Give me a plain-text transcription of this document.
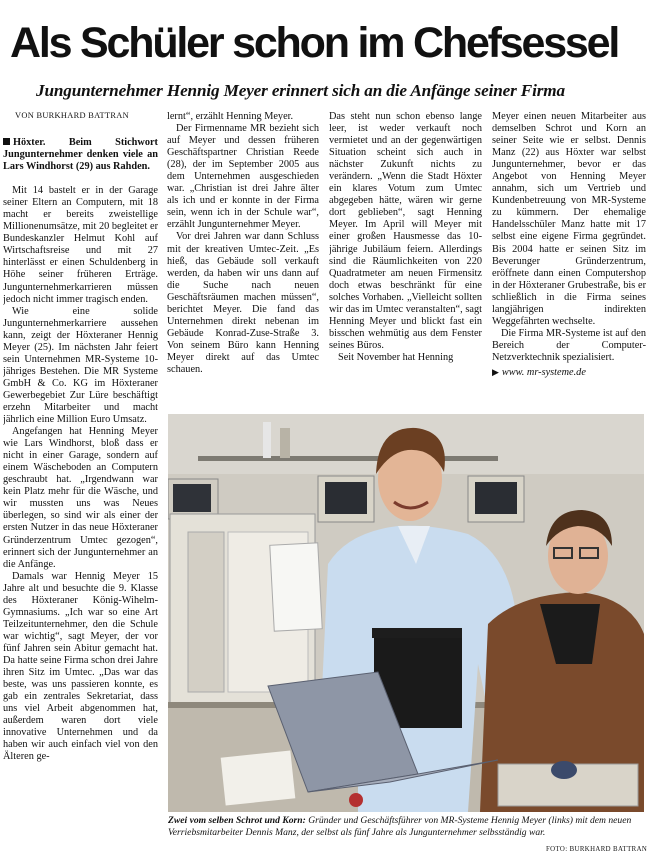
Als Schüler schon im Chefsessel
Jungunternehmer Hennig Meyer erinnert sich an die Anfänge seiner Firma
VON BURKHARD BATTRAN

Höxter. Beim Stichwort Jungunternehmer denken viele an Lars Windhorst (29) aus Rahden.

Mit 14 bastelt er in der Garage seiner Eltern an Computern, mit 18 macht er bereits zweistellige Millionenumsätze, mit 20 begleitet er Bundeskanzler Helmut Kohl auf Wirtschaftsreise und mit 27 hinterlässt er einen Schuldenberg in Höhe seiner früheren Erträge. Jungunternehmerkarrieren müssen jedoch nicht immer tragisch enden.

Wie eine solide Jungunternehmerkarriere aussehen kann, zeigt der Höxteraner Hennig Meyer (25). Im nächsten Jahr feiert sein Unternehmen MR-Systeme 10-jähriges Bestehen. Die MR Systeme GmbH & Co. KG im Höxteraner Gewerbegebiet Zur Lüre beschäftigt erzehn Mitarbeiter und macht jährlich eine Million Euro Umsatz.

Angefangen hat Henning Meyer wie Lars Windhorst, bloß dass er nicht in einer Garage, sondern auf einem Wäscheboden an Computern geschraubt hat. „Irgendwann war kein Platz mehr für die Wäsche, und wir mussten uns was Neues überlegen, so sind wir als einer der ersten Nutzer in das neue Höxteraner Gründerzentrum Umtec gezogen“, erinnert sich der Jungunternehmer an die Anfänge.

Damals war Hennig Meyer 15 Jahre alt und besuchte die 9. Klasse des Höxteraner König-Wihelm-Gymnasiums. „Ich war so eine Art Teilzeitunternehmer, den die Schule war wichtig“, sagt Meyer, der vor fünf Jahren sein Abitur gemacht hat. Da hatte seine Firma schon drei Jahre ihren Sitz im Umtec. „Das war das beste, was uns passieren konnte, es gab ein zentrales Sekretariat, dass uns viel Arbeit abgenommen hat, außerdem waren dort viele innovative Unternehmen und da haben wir auch einfach viel von den Älteren ge-

lernt“, erzählt Henning Meyer.

Der Firmenname MR bezieht sich auf Meyer und dessen früheren Geschäftspartner Christian Reede (28), der im September 2005 aus dem Unternehmen ausgeschieden war. „Christian ist drei Jahre älter als ich und er konnte in der Firma sein, wenn ich in der Schule war“, erzählt Jungunternehmer Meyer.

Vor drei Jahren war dann Schluss mit der kreativen Umtec-Zeit. „Es hieß, das Gebäude soll verkauft werden, da haben wir uns dann auf die Suche nach neuen Geschäftsräumen machen müssen“, berichtet Meyer. Die fand das Unternehmen direkt nebenan im Gebäude Konrad-Zuse-Straße 3. Von seinem Büro kann Henning Meyer direkt auf das Umtec schauen.

Das steht nun schon ebenso lange leer, ist weder verkauft noch vermietet und an der gegenwärtigen Situation scheint sich auch in nächster Zukunft nichts zu verändern. „Wenn die Stadt Höxter ein klares Votum zum Umtec abgegeben hätte, wären wir gerne dort geblieben“, sagt Henning Meyer. Im April will Meyer mit einer großen Hausmesse das 10-jährige Jubiläum feiern. Allerdings sind die Räumlichkeiten von 220 Quadratmeter am neuen Firmensitz doch etwas beschränkt für eine solches Vorhaben. „Vielleicht sollten wir das im Umtec veranstalten“, sagt Henning Meyer und blickt fast ein bisschen wehmütig aus dem Fenster seines Büros.

Seit November hat Henning

Meyer einen neuen Mitarbeiter aus demselben Schrot und Korn an seiner Seite wie er selbst. Dennis Manz (22) aus Höxter war selbst Jungunternehmer, bevor er das Angebot von Henning Meyer annahm, sich um Vertrieb und Kundenbetreuung von MR-Systeme zu kümmern. Der ehemalige Handelsschüler Manz hatte mit 17 selbst eine eigene Firma gegründet. Bis 2004 hatte er seinen Sitz im Beverunger Gründerzentrum, eröffnete dann einen Computershop in der Höxteraner Grubestraße, bis er schließlich in die Firma seines langjährigen indirekten Weggefährten wechselte.

Die Firma MR-Systeme ist auf den Bereich der Computer-Netzverktechnik spezialisiert.

▶ www. mr-systeme.de
Zwei vom selben Schrot und Korn: Gründer und Geschäftsführer von MR-Systeme Hennig Meyer (links) mit dem neuen Verriebsmitarbeiter Dennis Manz, der selbst als fünf Jahre als Jungunternehmer selbsständig war.
FOTO: BURKHARD BATTRAN
